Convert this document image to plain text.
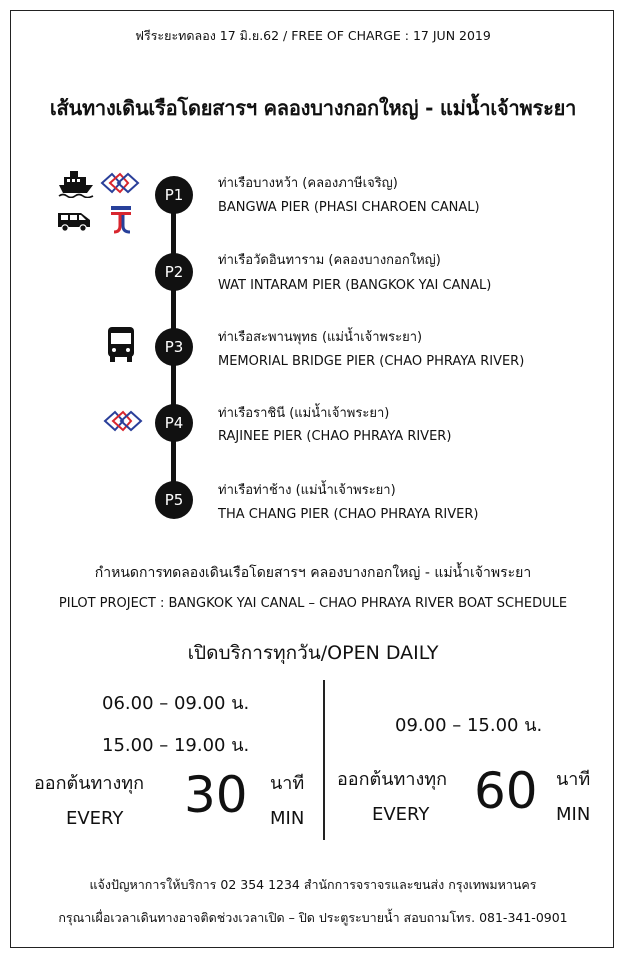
ฟรีระยะทดลอง 17 มิ.ย.62 / FREE OF CHARGE : 17 JUN 2019
เส้นทางเดินเรือโดยสารฯ คลองบางกอกใหญ่ - แม่น้ำเจ้าพระยา
P1
ท่าเรือบางหว้า (คลองภาษีเจริญ)
BANGWA PIER (PHASI CHAROEN CANAL)
P2
ท่าเรือวัดอินทาราม (คลองบางกอกใหญ่)
WAT INTARAM PIER (BANGKOK YAI CANAL)
P3
ท่าเรือสะพานพุทธ (แม่น้ำเจ้าพระยา)
MEMORIAL BRIDGE PIER (CHAO PHRAYA RIVER)
P4
ท่าเรือราชินี (แม่น้ำเจ้าพระยา)
RAJINEE PIER (CHAO PHRAYA RIVER)
P5
ท่าเรือท่าช้าง (แม่น้ำเจ้าพระยา)
THA CHANG PIER (CHAO PHRAYA RIVER)
กำหนดการทดลองเดินเรือโดยสารฯ คลองบางกอกใหญ่ - แม่น้ำเจ้าพระยา
PILOT PROJECT : BANGKOK YAI CANAL – CHAO PHRAYA RIVER BOAT SCHEDULE
เปิดบริการทุกวัน/OPEN DAILY
06.00 – 09.00 น.
15.00 – 19.00 น.
ออกต้นทางทุก
EVERY 30 นาที
MIN
09.00 – 15.00 น.
ออกต้นทางทุก
EVERY 60 นาที
MIN
แจ้งปัญหาการให้บริการ 02 354 1234 สำนักการจราจรและขนส่ง กรุงเทพมหานคร
กรุณาเผื่อเวลาเดินทางอาจติดช่วงเวลาเปิด – ปิด ประตูระบายน้ำ สอบถามโทร. 081-341-0901
